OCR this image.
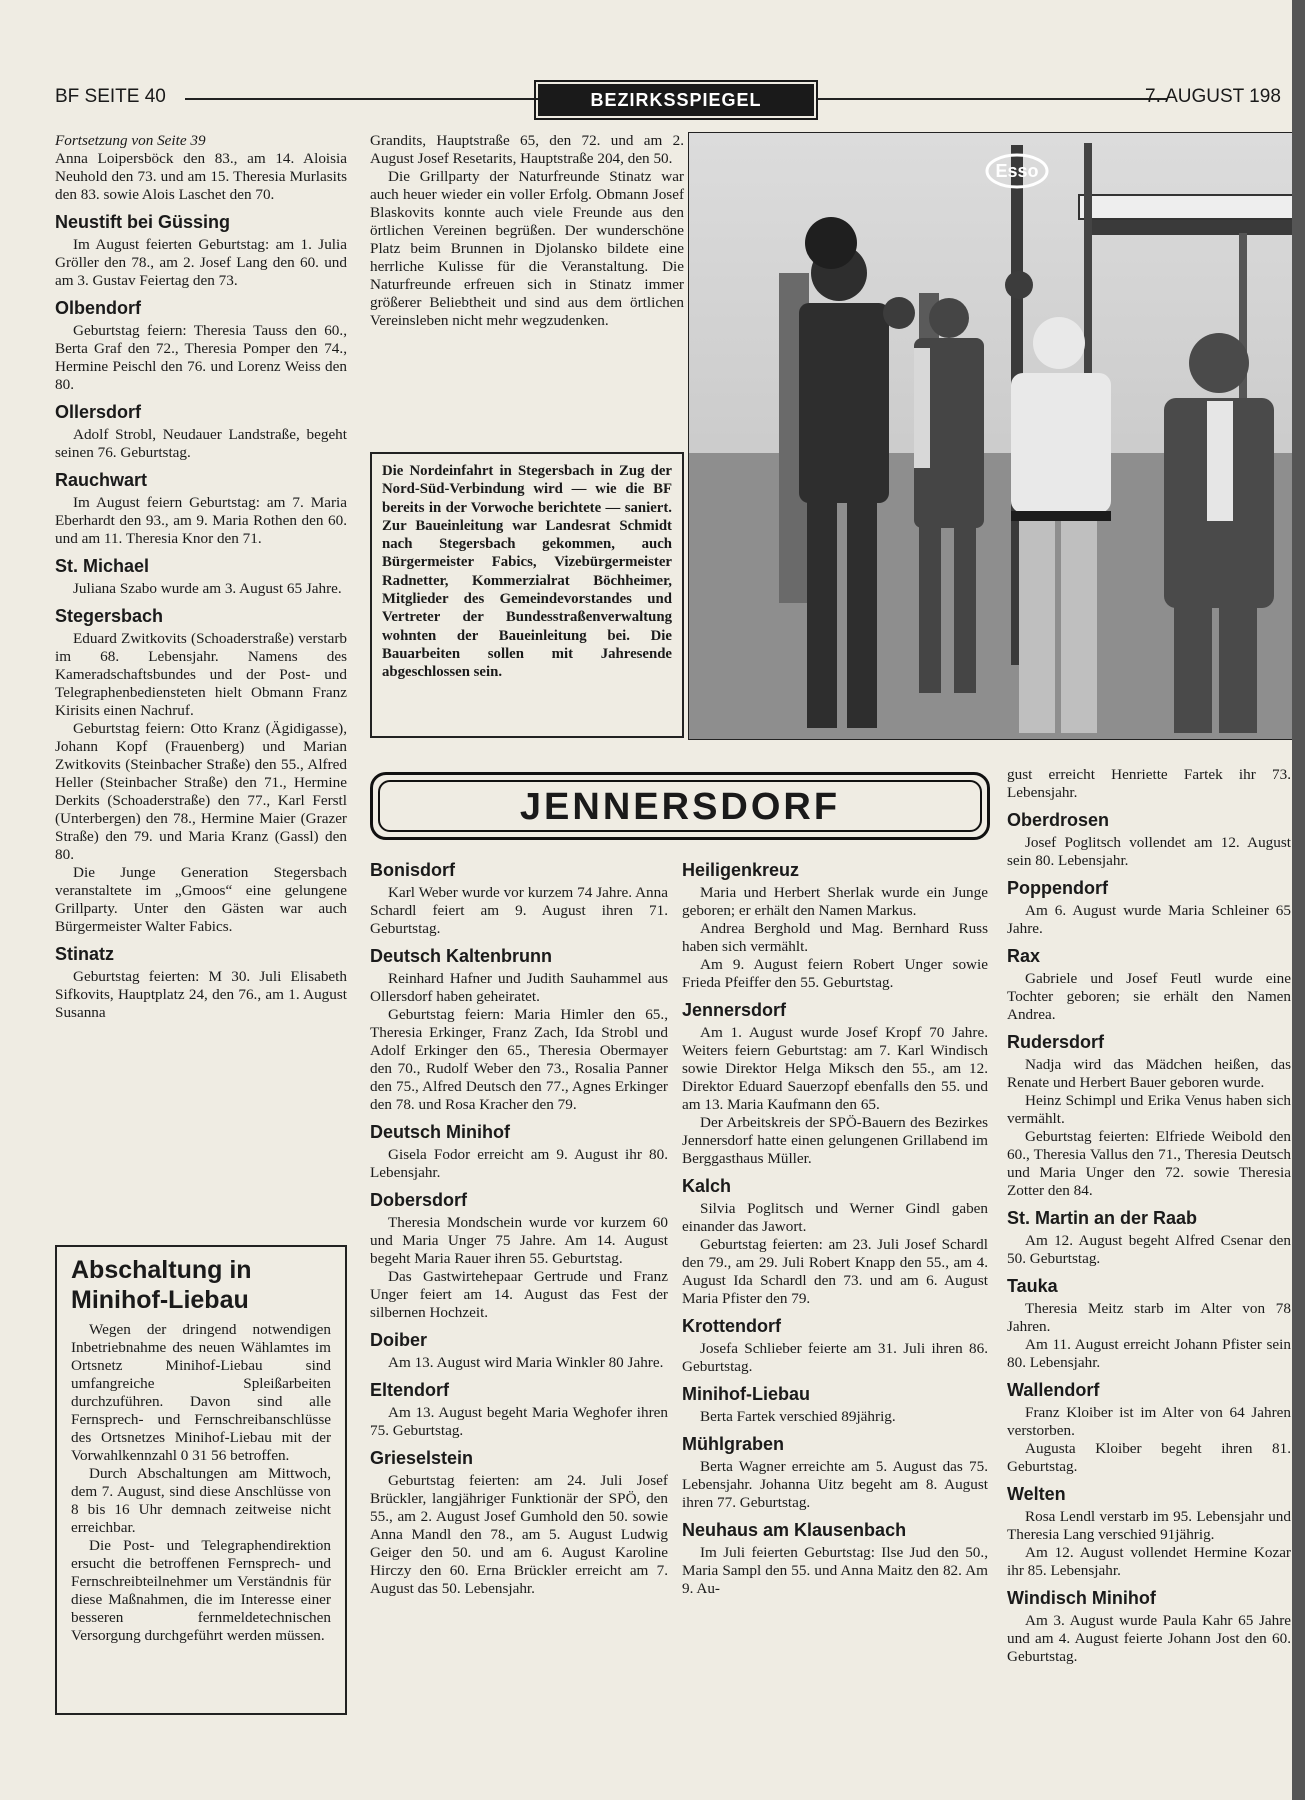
BF SEITE 40	BEZIRKSSPIEGEL	7. AUGUST 198

Fortsetzung von Seite 39

Anna Loipersböck den 83., am 14. Aloisia Neuhold den 73. und am 15. Theresia Murlasits den 83. sowie Alois Laschet den 70.

Neustift bei Güssing

Im August feierten Geburtstag: am 1. Julia Gröller den 78., am 2. Josef Lang den 60. und am 3. Gustav Feiertag den 73.

Olbendorf

Geburtstag feiern: Theresia Tauss den 60., Berta Graf den 72., Theresia Pomper den 74., Hermine Peischl den 76. und Lorenz Weiss den 80.

Ollersdorf

Adolf Strobl, Neudauer Landstraße, begeht seinen 76. Geburtstag.

Rauchwart

Im August feiern Geburtstag: am 7. Maria Eberhardt den 93., am 9. Maria Rothen den 60. und am 11. Theresia Knor den 71.

St. Michael

Juliana Szabo wurde am 3. August 65 Jahre.

Stegersbach

Eduard Zwitkovits (Schoaderstraße) verstarb im 68. Lebensjahr. Namens des Kameradschaftsbundes und der Post- und Telegraphenbediensteten hielt Obmann Franz Kirisits einen Nachruf.

Geburtstag feiern: Otto Kranz (Ägidigasse), Johann Kopf (Frauenberg) und Marian Zwitkovits (Steinbacher Straße) den 55., Alfred Heller (Steinbacher Straße) den 71., Hermine Derkits (Schoaderstraße) den 77., Karl Ferstl (Unterbergen) den 78., Hermine Maier (Grazer Straße) den 79. und Maria Kranz (Gassl) den 80.

Die Junge Generation Stegersbach veranstaltete im „Gmoos“ eine gelungene Grillparty. Unter den Gästen war auch Bürgermeister Walter Fabics.

Stinatz

Geburtstag feierten: M 30. Juli Elisabeth Sifkovits, Hauptplatz 24, den 76., am 1. August Susanna

Grandits, Hauptstraße 65, den 72. und am 2. August Josef Resetarits, Hauptstraße 204, den 50.

Die Grillparty der Naturfreunde Stinatz war auch heuer wieder ein voller Erfolg. Obmann Josef Blaskovits konnte auch viele Freunde aus den örtlichen Vereinen begrüßen. Der wunderschöne Platz beim Brunnen in Djolansko bildete eine herrliche Kulisse für die Veranstaltung. Die Naturfreunde erfreuen sich in Stinatz immer größerer Beliebtheit und sind aus dem örtlichen Vereinsleben nicht mehr wegzudenken.

Die Nordeinfahrt in Stegersbach in Zug der Nord-Süd-Verbindung wird — wie die BF bereits in der Vorwoche berichtete — saniert. Zur Baueinleitung war Landesrat Schmidt nach Stegersbach gekommen, auch Bürgermeister Fabics, Vizebürgermeister Radnetter, Kommerzialrat Böchheimer, Mitglieder des Gemeindevorstandes und Vertreter der Bundesstraßenverwaltung wohnten der Baueinleitung bei. Die Bauarbeiten sollen mit Jahresende abgeschlossen sein.
Esso
JENNERSDORF
Abschaltung in Minihof-Liebau

Wegen der dringend notwendigen Inbetriebnahme des neuen Wählamtes im Ortsnetz Minihof-Liebau sind umfangreiche Spleißarbeiten durchzuführen. Davon sind alle Fernsprech- und Fernschreibanschlüsse des Ortsnetzes Minihof-Liebau mit der Vorwahlkennzahl 0 31 56 betroffen.

Durch Abschaltungen am Mittwoch, dem 7. August, sind diese Anschlüsse von 8 bis 16 Uhr demnach zeitweise nicht erreichbar.

Die Post- und Telegraphendirektion ersucht die betroffenen Fernsprech- und Fernschreibteilnehmer um Verständnis für diese Maßnahmen, die im Interesse einer besseren fernmeldetechnischen Versorgung durchgeführt werden müssen.

Bonisdorf

Karl Weber wurde vor kurzem 74 Jahre. Anna Schardl feiert am 9. August ihren 71. Geburtstag.

Deutsch Kaltenbrunn

Reinhard Hafner und Judith Sauhammel aus Ollersdorf haben geheiratet.

Geburtstag feiern: Maria Himler den 65., Theresia Erkinger, Franz Zach, Ida Strobl und Adolf Erkinger den 65., Theresia Obermayer den 70., Rudolf Weber den 73., Rosalia Panner den 75., Alfred Deutsch den 77., Agnes Erkinger den 78. und Rosa Kracher den 79.

Deutsch Minihof

Gisela Fodor erreicht am 9. August ihr 80. Lebensjahr.

Dobersdorf

Theresia Mondschein wurde vor kurzem 60 und Maria Unger 75 Jahre. Am 14. August begeht Maria Rauer ihren 55. Geburtstag.

Das Gastwirtehepaar Gertrude und Franz Unger feiert am 14. August das Fest der silbernen Hochzeit.

Doiber

Am 13. August wird Maria Winkler 80 Jahre.

Eltendorf

Am 13. August begeht Maria Weghofer ihren 75. Geburtstag.

Grieselstein

Geburtstag feierten: am 24. Juli Josef Brückler, langjähriger Funktionär der SPÖ, den 55., am 2. August Josef Gumhold den 50. sowie Anna Mandl den 78., am 5. August Ludwig Geiger den 50. und am 6. August Karoline Hirczy den 60. Erna Brückler erreicht am 7. August das 50. Lebensjahr.

Heiligenkreuz

Maria und Herbert Sherlak wurde ein Junge geboren; er erhält den Namen Markus.

Andrea Berghold und Mag. Bernhard Russ haben sich vermählt.

Am 9. August feiern Robert Unger sowie Frieda Pfeiffer den 55. Geburtstag.

Jennersdorf

Am 1. August wurde Josef Kropf 70 Jahre. Weiters feiern Geburtstag: am 7. Karl Windisch sowie Direktor Helga Miksch den 55., am 12. Direktor Eduard Sauerzopf ebenfalls den 55. und am 13. Maria Kaufmann den 65.

Der Arbeitskreis der SPÖ-Bauern des Bezirkes Jennersdorf hatte einen gelungenen Grillabend im Berggasthaus Müller.

Kalch

Silvia Poglitsch und Werner Gindl gaben einander das Jawort.

Geburtstag feierten: am 23. Juli Josef Schardl den 79., am 29. Juli Robert Knapp den 55., am 4. August Ida Schardl den 73. und am 6. August Maria Pfister den 79.

Krottendorf

Josefa Schlieber feierte am 31. Juli ihren 86. Geburtstag.

Minihof-Liebau

Berta Fartek verschied 89jährig.

Mühlgraben

Berta Wagner erreichte am 5. August das 75. Lebensjahr. Johanna Uitz begeht am 8. August ihren 77. Geburtstag.

Neuhaus am Klausenbach

Im Juli feierten Geburtstag: Ilse Jud den 50., Maria Sampl den 55. und Anna Maitz den 82. Am 9. Au-

gust erreicht Henriette Fartek ihr 73. Lebensjahr.

Oberdrosen

Josef Poglitsch vollendet am 12. August sein 80. Lebensjahr.

Poppendorf

Am 6. August wurde Maria Schleiner 65 Jahre.

Rax

Gabriele und Josef Feutl wurde eine Tochter geboren; sie erhält den Namen Andrea.

Rudersdorf

Nadja wird das Mädchen heißen, das Renate und Herbert Bauer geboren wurde.

Heinz Schimpl und Erika Venus haben sich vermählt.

Geburtstag feierten: Elfriede Weibold den 60., Theresia Vallus den 71., Theresia Deutsch und Maria Unger den 72. sowie Theresia Zotter den 84.

St. Martin an der Raab

Am 12. August begeht Alfred Csenar den 50. Geburtstag.

Tauka

Theresia Meitz starb im Alter von 78 Jahren.

Am 11. August erreicht Johann Pfister sein 80. Lebensjahr.

Wallendorf

Franz Kloiber ist im Alter von 64 Jahren verstorben.

Augusta Kloiber begeht ihren 81. Geburtstag.

Welten

Rosa Lendl verstarb im 95. Lebensjahr und Theresia Lang verschied 91jährig.

Am 12. August vollendet Hermine Kozar ihr 85. Lebensjahr.

Windisch Minihof

Am 3. August wurde Paula Kahr 65 Jahre und am 4. August feierte Johann Jost den 60. Geburtstag.
